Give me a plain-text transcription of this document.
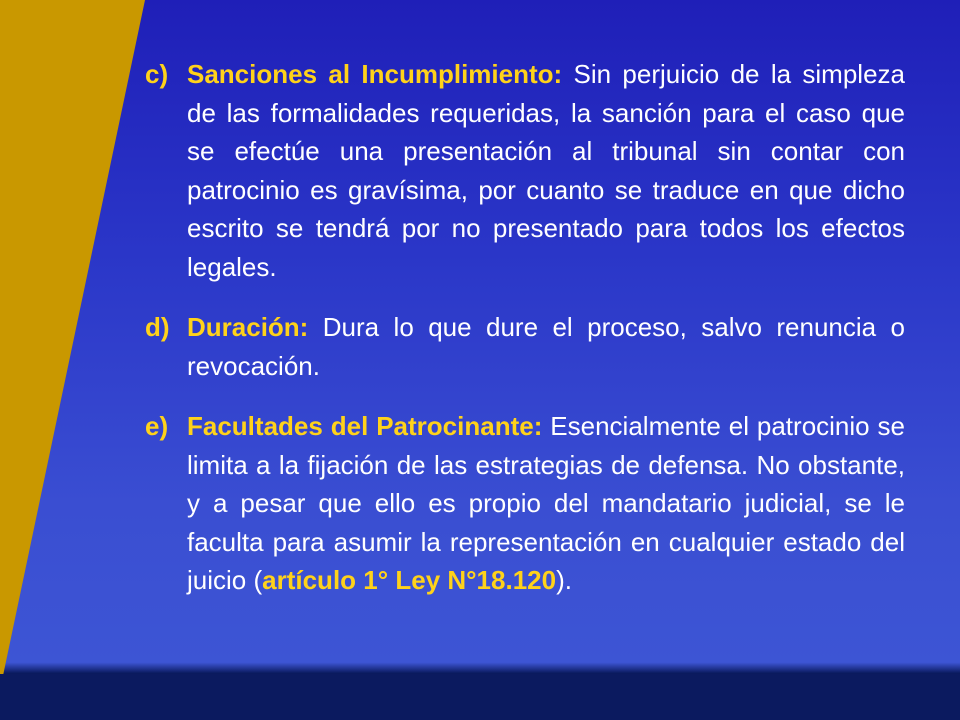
c) Sanciones al Incumplimiento: Sin perjuicio de la simpleza de las formalidades requeridas, la sanción para el caso que se efectúe una presentación al tribunal sin contar con patrocinio es gravísima, por cuanto se traduce en que dicho escrito se tendrá por no presentado para todos los efectos legales.
d) Duración: Dura lo que dure el proceso, salvo renuncia o revocación.
e) Facultades del Patrocinante: Esencialmente el patrocinio se limita a la fijación de las estrategias de defensa. No obstante, y a pesar que ello es propio del mandatario judicial, se le faculta para asumir la representación en cualquier estado del juicio (artículo 1° Ley N°18.120).
